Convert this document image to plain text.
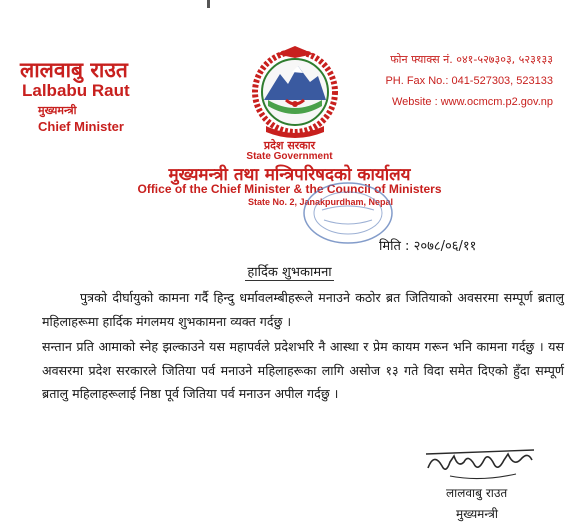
लालवाबु राउत
Lalbabu Raut
मुख्यमन्त्री
Chief Minister
फोन फ्याक्स नं. ०४१-५२७३०३, ५२३१३३
PH. Fax No.: 041-527303, 523133
Website : www.ocmcm.p2.gov.np
प्रदेश सरकार
State Government
मुख्यमन्त्री तथा मन्त्रिपरिषदको कार्यालय
Office of the Chief Minister & the Council of Ministers
State No. 2, Janakpurdham, Nepal
मिति : २०७८/०६/११
हार्दिक शुभकामना
पुत्रको दीर्घायुको कामना गर्दै हिन्दु धर्मावलम्बीहरूले मनाउने कठोर ब्रत जितियाको अवसरमा सम्पूर्ण ब्रतालु महिलाहरूमा हार्दिक मंगलमय शुभकामना व्यक्त गर्दछु ।
सन्तान प्रति आमाको स्नेह झल्काउने यस महापर्वले प्रदेशभरि नै आस्था र प्रेम कायम गरून भनि कामना गर्दछु । यस अवसरमा प्रदेश सरकारले जितिया पर्व मनाउने महिलाहरूका लागि असोज १३ गते विदा समेत दिएको हुँदा सम्पूर्ण ब्रतालु महिलाहरूलाई निष्ठा पूर्व जितिया पर्व मनाउन अपील गर्दछु ।
लालवाबु राउत
मुख्यमन्त्री
